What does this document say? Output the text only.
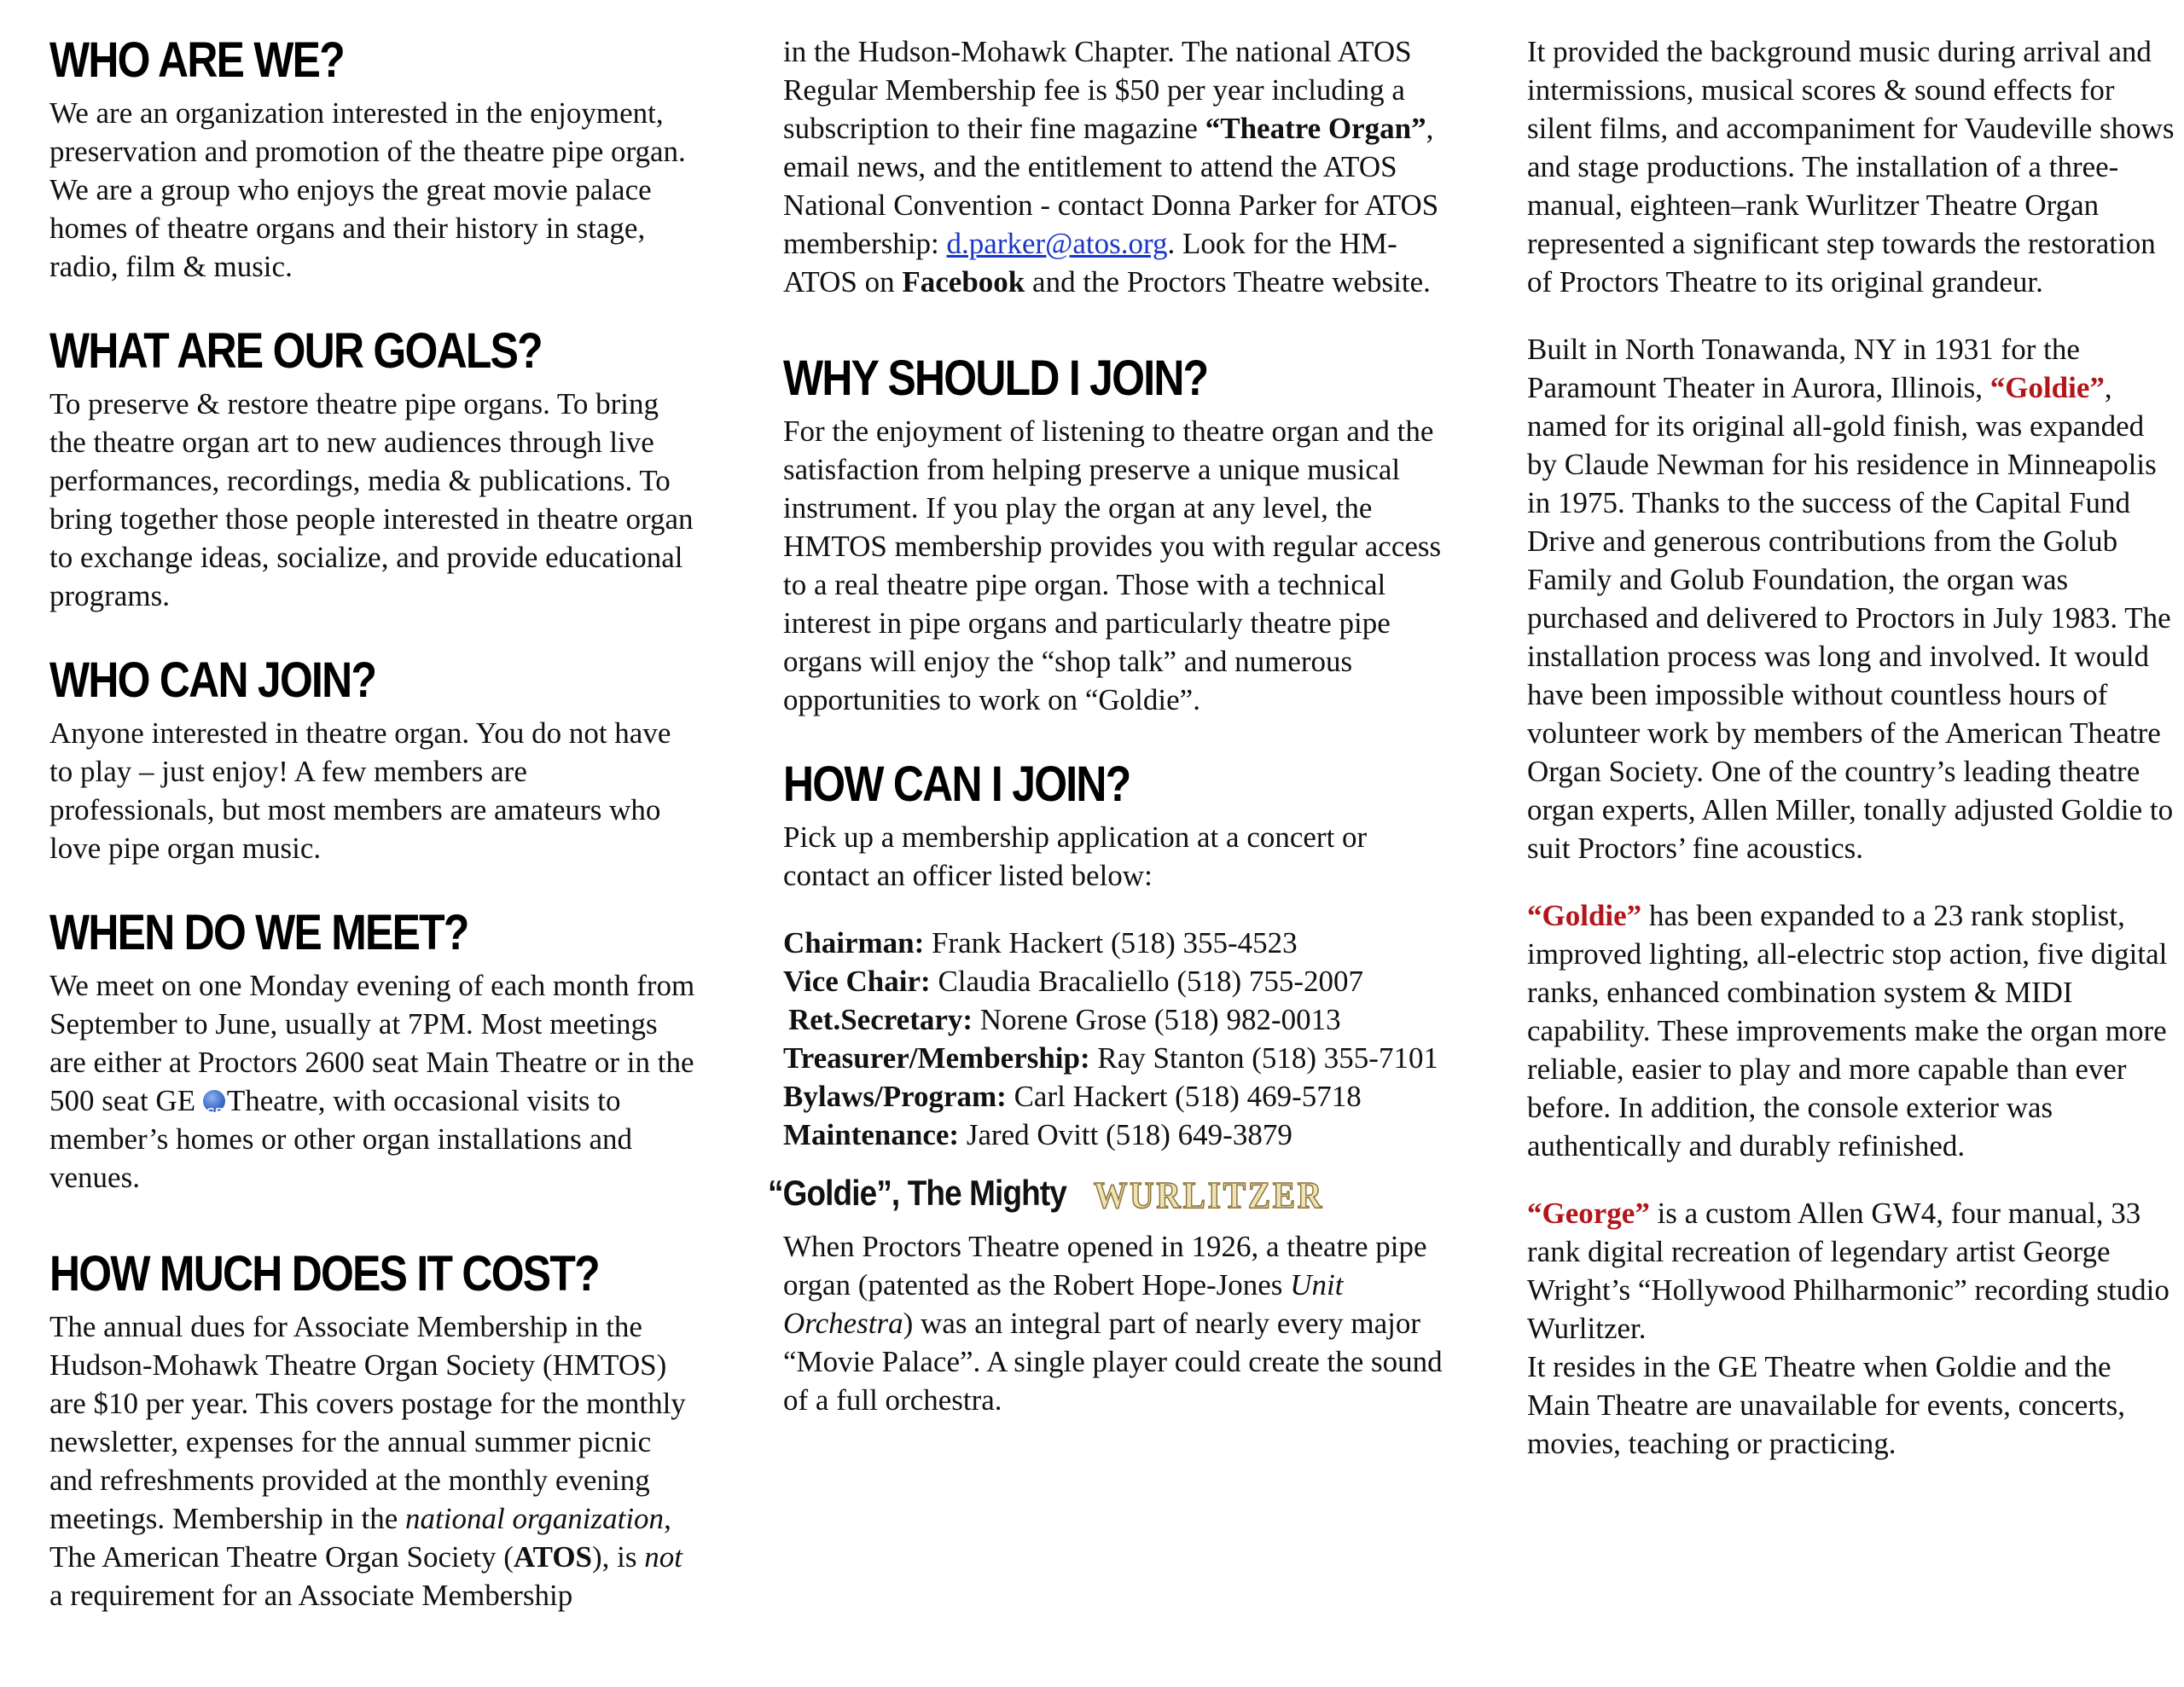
WHO ARE WE?

We are an organization interested in the enjoyment, preservation and promotion of the theatre pipe organ. We are a group who enjoys the great movie palace homes of theatre organs and their history in stage, radio, film & music.

WHAT ARE OUR GOALS?

To preserve & restore theatre pipe organs. To bring the theatre organ art to new audiences through live performances, recordings, media & publications. To bring together those people interested in theatre organ to exchange ideas, socialize, and provide educational programs.

WHO CAN JOIN?

Anyone interested in theatre organ. You do not have to play – just enjoy! A few members are professionals, but most members are amateurs who love pipe organ music.

WHEN DO WE MEET?

We meet on one Monday evening of each month from September to June, usually at 7PM. Most meetings are either at Proctors 2600 seat Main Theatre or in the 500 seat GE GE Theatre, with occasional visits to member’s homes or other organ installations and venues.

HOW MUCH DOES IT COST?

The annual dues for Associate Membership in the Hudson-Mohawk Theatre Organ Society (HMTOS) are $10 per year. This covers postage for the monthly newsletter, expenses for the annual summer picnic and refreshments provided at the monthly evening meetings. Membership in the national organization, The American Theatre Organ Society (ATOS), is not a requirement for an Associate Membership

in the Hudson-Mohawk Chapter. The national ATOS Regular Membership fee is $50 per year including a subscription to their fine magazine “Theatre Organ”, email news, and the entitlement to attend the ATOS National Convention - contact Donna Parker for ATOS membership: d.parker@atos.org. Look for the HM-ATOS on Facebook and the Proctors Theatre website.

WHY SHOULD I JOIN?

For the enjoyment of listening to theatre organ and the satisfaction from helping preserve a unique musical instrument. If you play the organ at any level, the HMTOS membership provides you with regular access to a real theatre pipe organ. Those with a technical interest in pipe organs and particularly theatre pipe organs will enjoy the “shop talk” and numerous opportunities to work on “Goldie”.

HOW CAN I JOIN?

Pick up a membership application at a concert or contact an officer listed below:

Chairman: Frank Hackert (518) 355-4523

Vice Chair: Claudia Bracaliello (518) 755-2007

Ret.Secretary: Norene Grose (518) 982-0013

Treasurer/Membership: Ray Stanton (518) 355-7101

Bylaws/Program: Carl Hackert (518) 469-5718

Maintenance: Jared Ovitt (518) 649-3879

“Goldie”, The Mighty WURLITZER

When Proctors Theatre opened in 1926, a theatre pipe organ (patented as the Robert Hope-Jones Unit Orchestra) was an integral part of nearly every major “Movie Palace”. A single player could create the sound of a full orchestra.

It provided the background music during arrival and intermissions, musical scores & sound effects for silent films, and accompaniment for Vaudeville shows and stage productions. The installation of a three-manual, eighteen–rank Wurlitzer Theatre Organ represented a significant step towards the restoration of Proctors Theatre to its original grandeur.

Built in North Tonawanda, NY in 1931 for the Paramount Theater in Aurora, Illinois, “Goldie”, named for its original all-gold finish, was expanded by Claude Newman for his residence in Minneapolis in 1975. Thanks to the success of the Capital Fund Drive and generous contributions from the Golub Family and Golub Foundation, the organ was purchased and delivered to Proctors in July 1983. The installation process was long and involved. It would have been impossible without countless hours of volunteer work by members of the American Theatre Organ Society. One of the country’s leading theatre organ experts, Allen Miller, tonally adjusted Goldie to suit Proctors’ fine acoustics.

“Goldie” has been expanded to a 23 rank stoplist, improved lighting, all-electric stop action, five digital ranks, enhanced combination system & MIDI capability. These improvements make the organ more reliable, easier to play and more capable than ever before. In addition, the console exterior was authentically and durably refinished.

“George” is a custom Allen GW4, four manual, 33 rank digital recreation of legendary artist George Wright’s “Hollywood Philharmonic” recording studio Wurlitzer.

It resides in the GE Theatre when Goldie and the Main Theatre are unavailable for events, concerts, movies, teaching or practicing.
